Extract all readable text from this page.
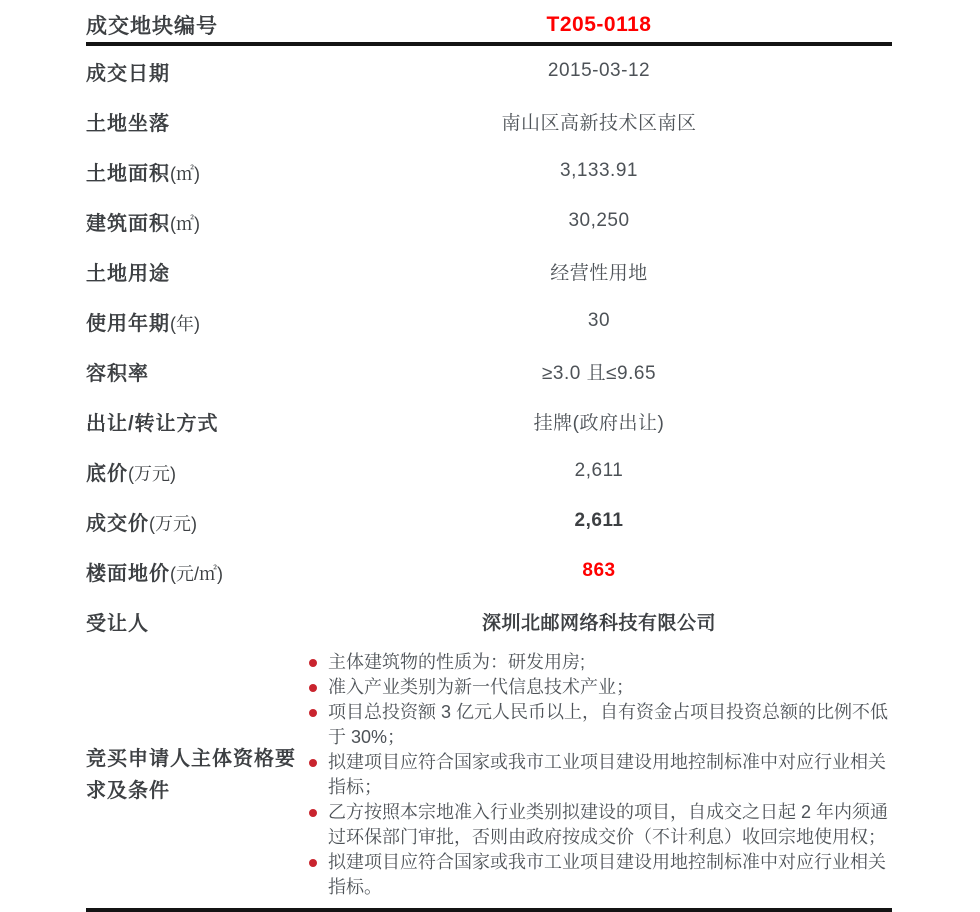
成交地块编号	T205-0118
成交日期	2015-03-12
土地坐落	南山区高新技术区南区
土地面积(㎡)	3,133.91
建筑面积(㎡)	30,250
土地用途	经营性用地
使用年期(年)	30
容积率	≥3.0 且≤9.65
出让/转让方式	挂牌(政府出让)
底价(万元)	2,611
成交价(万元)	2,611
楼面地价(元/㎡)	863
受让人	深圳北邮网络科技有限公司
竞买申请人主体资格要求及条件
主体建筑物的性质为：研发用房;
准入产业类别为新一代信息技术产业；
项目总投资额 3 亿元人民币以上，自有资金占项目投资总额的比例不低于 30%；
拟建项目应符合国家或我市工业项目建设用地控制标准中对应行业相关指标；
乙方按照本宗地准入行业类别拟建设的项目，自成交之日起 2 年内须通过环保部门审批，否则由政府按成交价（不计利息）收回宗地使用权；
拟建项目应符合国家或我市工业项目建设用地控制标准中对应行业相关指标。
